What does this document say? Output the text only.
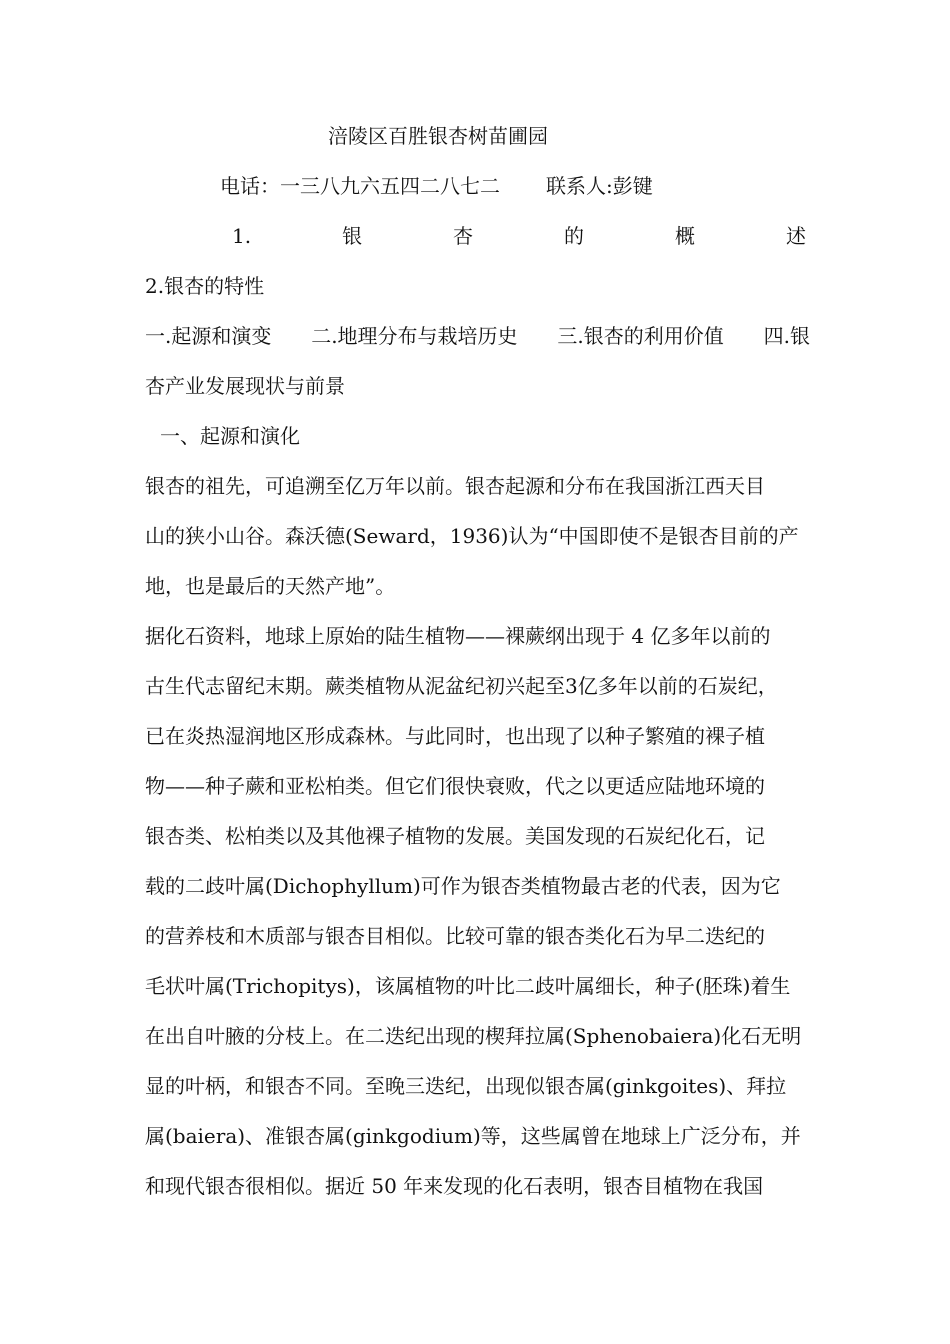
涪陵区百胜银杏树苗圃园
电话：一三八九六五四二八七二 联系人:彭键
1.	银	杏	的	概	述
2.银杏的特性
一.起源和演变 二.地理分布与栽培历史 三.银杏的利用价值 四.银
杏产业发展现状与前景
一、起源和演化
银杏的祖先，可追溯至亿万年以前。银杏起源和分布在我国浙江西天目
山的狭小山谷。森沃德(Seward，1936)认为“中国即使不是银杏目前的产
地，也是最后的天然产地”。
据化石资料，地球上原始的陆生植物——裸蕨纲出现于 4 亿多年以前的
古生代志留纪末期。蕨类植物从泥盆纪初兴起至3亿多年以前的石炭纪，
已在炎热湿润地区形成森林。与此同时，也出现了以种子繁殖的裸子植
物——种子蕨和亚松柏类。但它们很快衰败，代之以更适应陆地环境的
银杏类、松柏类以及其他裸子植物的发展。美国发现的石炭纪化石，记
载的二歧叶属(Dichophyllum)可作为银杏类植物最古老的代表，因为它
的营养枝和木质部与银杏目相似。比较可靠的银杏类化石为早二迭纪的
毛状叶属(Trichopitys)，该属植物的叶比二歧叶属细长，种子(胚珠)着生
在出自叶腋的分枝上。在二迭纪出现的楔拜拉属(Sphenobaiera)化石无明
显的叶柄，和银杏不同。至晚三迭纪，出现似银杏属(ginkgoites)、拜拉
属(baiera)、准银杏属(ginkgodium)等，这些属曾在地球上广泛分布，并
和现代银杏很相似。据近 50 年来发现的化石表明，银杏目植物在我国
